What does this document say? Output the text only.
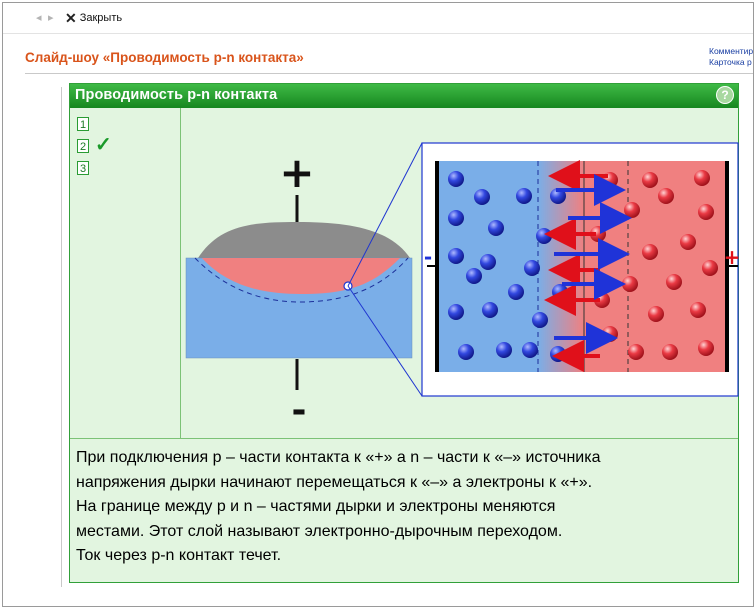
◂ ▸ ✕ Закрыть
Слайд-шоу «Проводимость p-n контакта»	Комментир
Карточка р
Проводимость p-n контакта	?
1
2
3
✓
+
-
-	+
При подключения p – части контакта к «+» а n – части к «–» источника
напряжения дырки начинают перемещаться к «–» а электроны к «+».
На границе между p и n – частями дырки и электроны меняются
местами. Этот слой называют электронно-дырочным переходом.
Ток через p-n контакт течет.
